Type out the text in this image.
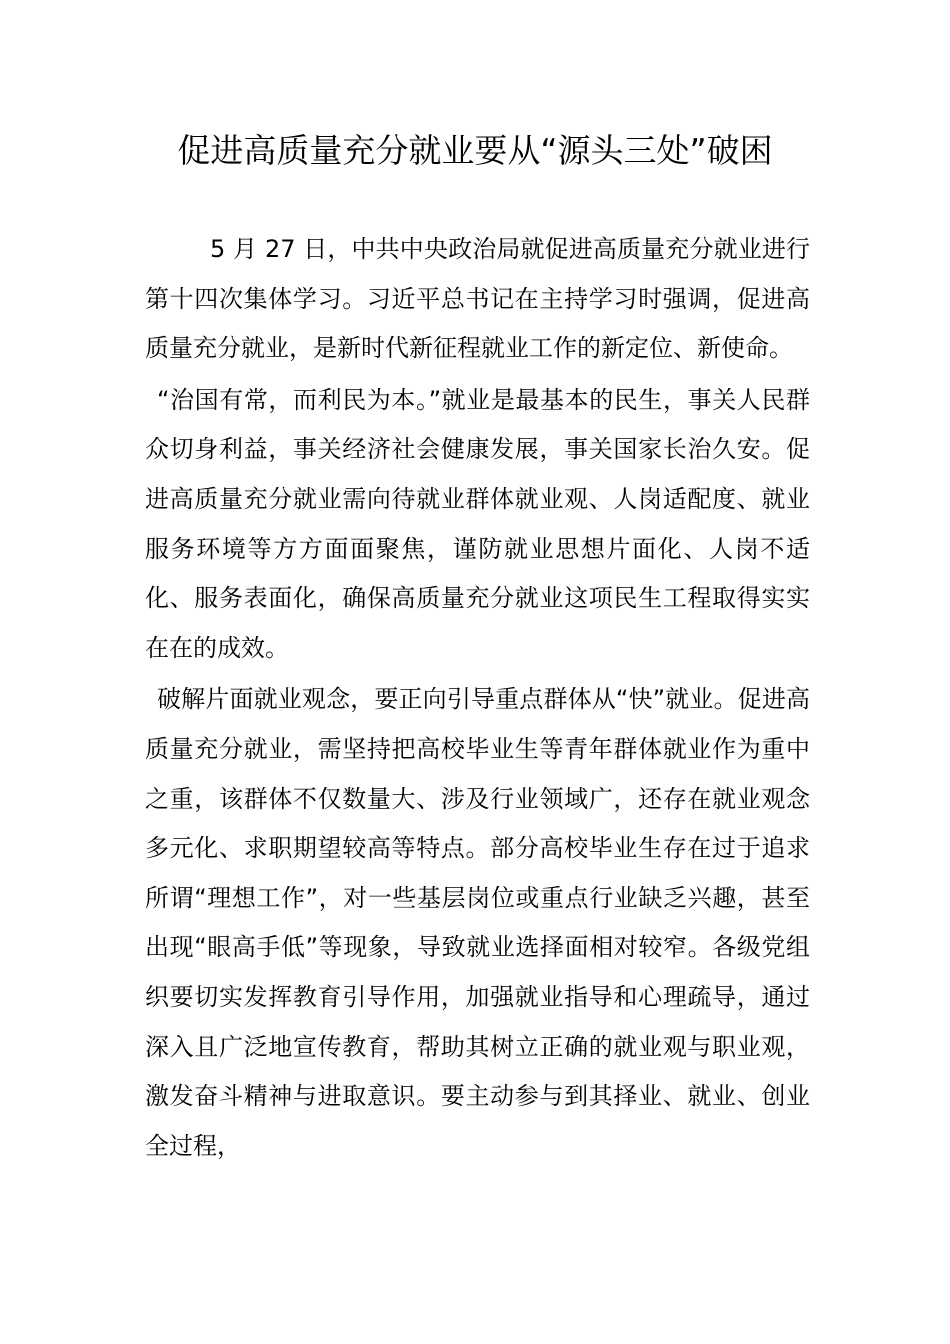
促进高质量充分就业要从“源头三处”破困

5 月 27 日，中共中央政治局就促进高质量充分就业进行第十四次集体学习。习近平总书记在主持学习时强调，促进高质量充分就业，是新时代新征程就业工作的新定位、新使命。

“治国有常，而利民为本。”就业是最基本的民生，事关人民群众切身利益，事关经济社会健康发展，事关国家长治久安。促进高质量充分就业需向待就业群体就业观、人岗适配度、就业服务环境等方方面面聚焦，谨防就业思想片面化、人岗不适化、服务表面化，确保高质量充分就业这项民生工程取得实实在在的成效。

破解片面就业观念，要正向引导重点群体从“快”就业。促进高质量充分就业，需坚持把高校毕业生等青年群体就业作为重中之重，该群体不仅数量大、涉及行业领域广，还存在就业观念多元化、求职期望较高等特点。部分高校毕业生存在过于追求所谓“理想工作”，对一些基层岗位或重点行业缺乏兴趣，甚至出现“眼高手低”等现象，导致就业选择面相对较窄。各级党组织要切实发挥教育引导作用，加强就业指导和心理疏导，通过深入且广泛地宣传教育，帮助其树立正确的就业观与职业观，激发奋斗精神与进取意识。要主动参与到其择业、就业、创业全过程，
